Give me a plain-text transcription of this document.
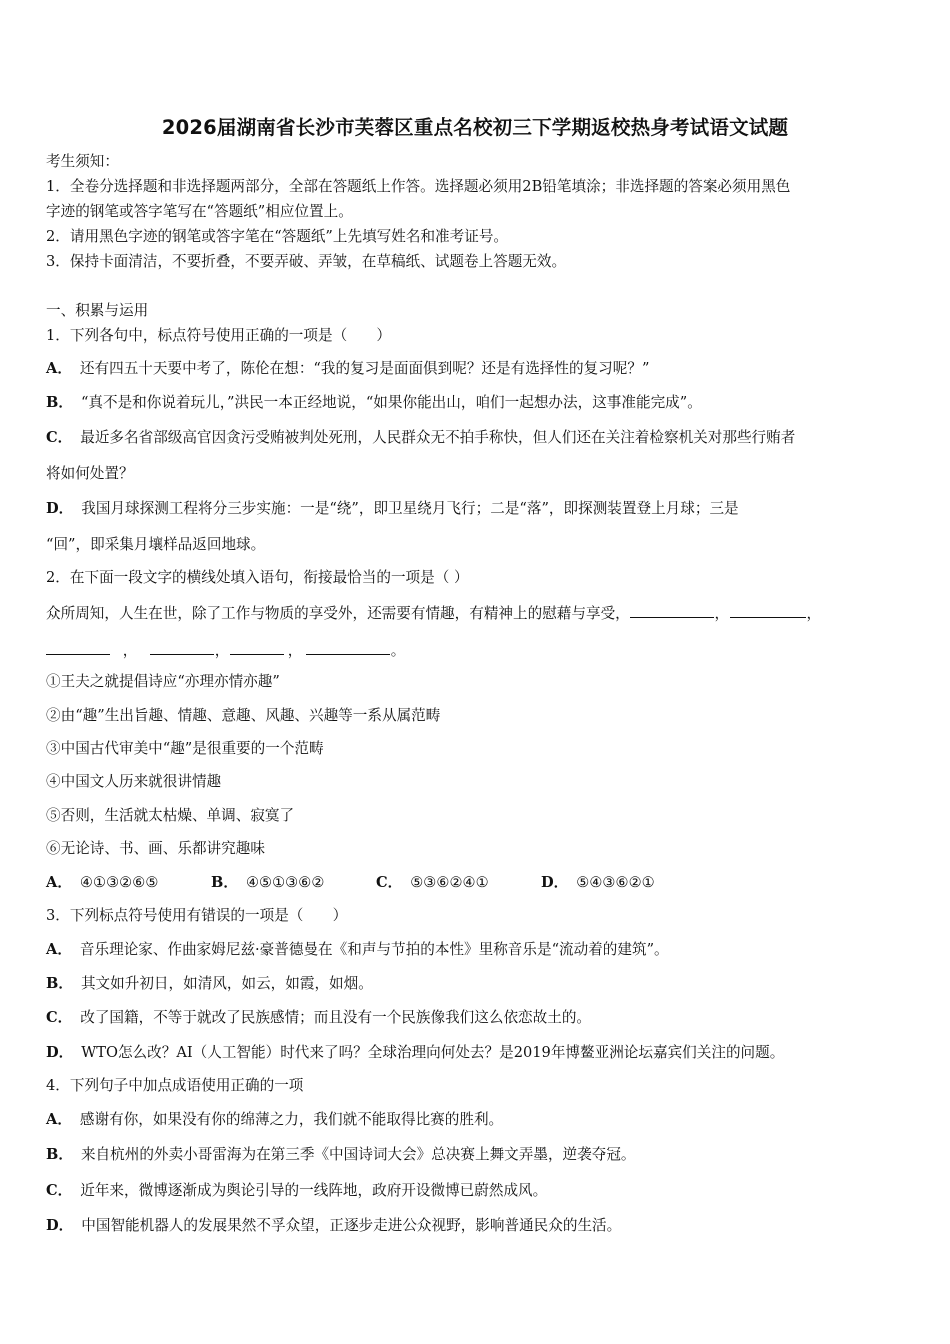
2026届湖南省长沙市芙蓉区重点名校初三下学期返校热身考试语文试题
考生须知：
1．全卷分选择题和非选择题两部分，全部在答题纸上作答。选择题必须用2B铅笔填涂；非选择题的答案必须用黑色
字迹的钢笔或答字笔写在“答题纸”相应位置上。
2．请用黑色字迹的钢笔或答字笔在“答题纸”上先填写姓名和准考证号。
3．保持卡面清洁，不要折叠，不要弄破、弄皱，在草稿纸、试题卷上答题无效。
一、积累与运用
1．下列各句中，标点符号使用正确的一项是（　　）
A． 还有四五十天要中考了，陈伦在想：“我的复习是面面俱到呢？还是有选择性的复习呢？”
B． “真不是和你说着玩儿，”洪民一本正经地说，“如果你能出山，咱们一起想办法，这事准能完成”。
C． 最近多名省部级高官因贪污受贿被判处死刑，人民群众无不拍手称快，但人们还在关注着检察机关对那些行贿者
将如何处置？
D． 我国月球探测工程将分三步实施：一是“绕”，即卫星绕月飞行；二是“落”，即探测装置登上月球；三是
“回”，即采集月壤样品返回地球。
2．在下面一段文字的横线处填入语句，衔接最恰当的一项是（ ）
众所周知，人生在世，除了工作与物质的享受外，还需要有情趣，有精神上的慰藉与享受，	，	，
，	，	，	。
①王夫之就提倡诗应“亦理亦情亦趣”
②由“趣”生出旨趣、情趣、意趣、风趣、兴趣等一系从属范畴
③中国古代审美中“趣”是很重要的一个范畴
④中国文人历来就很讲情趣
⑤否则，生活就太枯燥、单调、寂寞了
⑥无论诗、书、画、乐都讲究趣味
A． ④①③②⑥⑤	B． ④⑤①③⑥②	C． ⑤③⑥②④①	D． ⑤④③⑥②①
3．下列标点符号使用有错误的一项是（　　）
A． 音乐理论家、作曲家姆尼兹·豪普德曼在《和声与节拍的本性》里称音乐是“流动着的建筑”。
B． 其文如升初日，如清风，如云，如霞，如烟。
C． 改了国籍，不等于就改了民族感情；而且没有一个民族像我们这么依恋故土的。
D． WTO怎么改？AI（人工智能）时代来了吗？全球治理向何处去？是2019年博鳌亚洲论坛嘉宾们关注的问题。
4．下列句子中加点成语使用正确的一项
A． 感谢有你，如果没有你的绵薄之力，我们就不能取得比赛的胜利。
B． 来自杭州的外卖小哥雷海为在第三季《中国诗词大会》总决赛上舞文弄墨，逆袭夺冠。
C． 近年来，微博逐渐成为舆论引导的一线阵地，政府开设微博已蔚然成风。
D． 中国智能机器人的发展果然不孚众望，正逐步走进公众视野，影响普通民众的生活。
